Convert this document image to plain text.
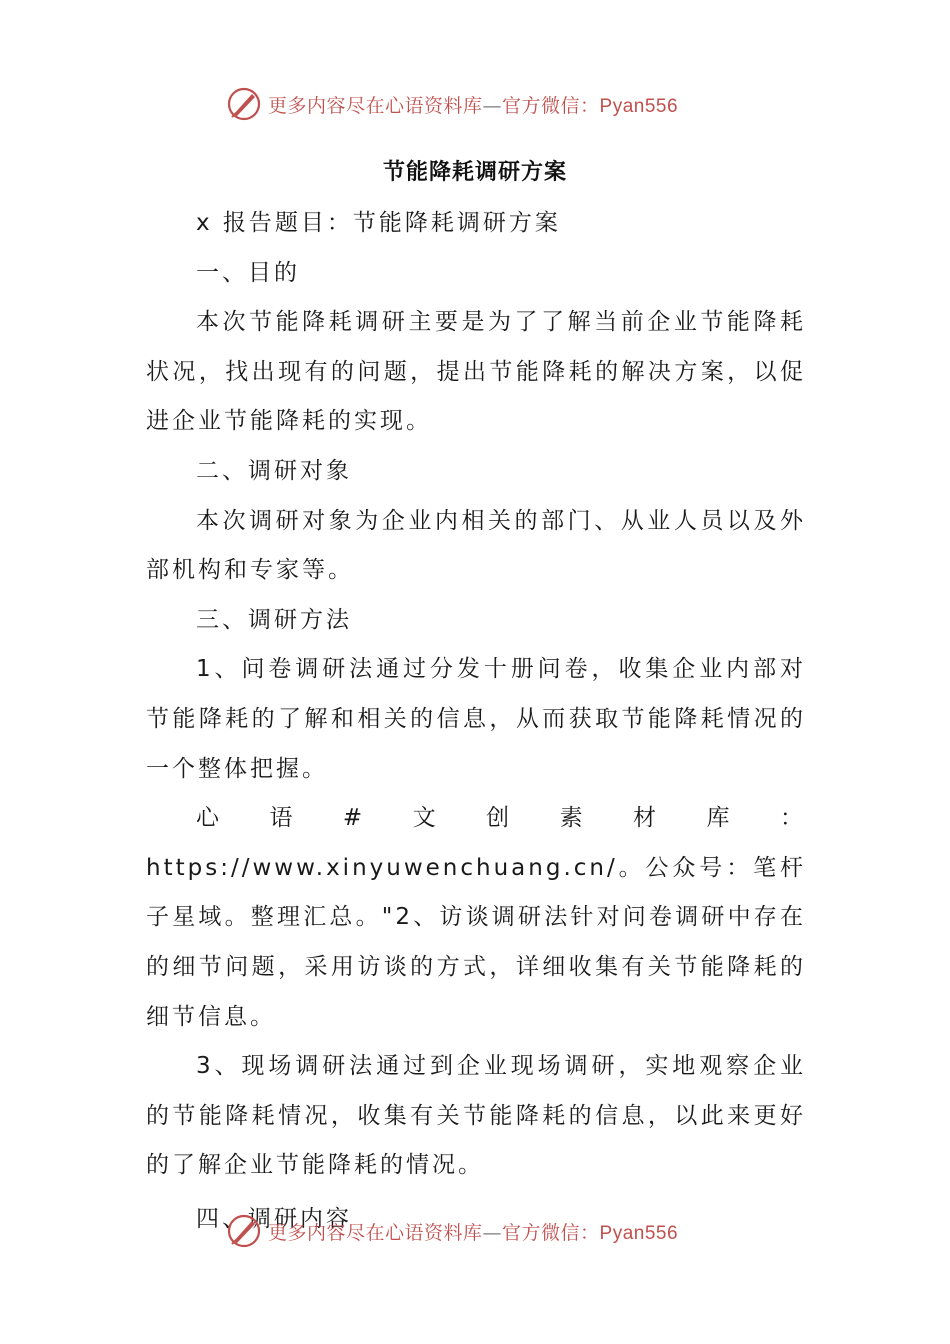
更多内容尽在心语资料库—官方微信：Pyan556
节能降耗调研方案

x 报告题目：节能降耗调研方案

一、目的

本次节能降耗调研主要是为了了解当前企业节能降耗状况，找出现有的问题，提出节能降耗的解决方案，以促进企业节能降耗的实现。

二、调研对象

本次调研对象为企业内相关的部门、从业人员以及外部机构和专家等。

三、调研方法

1、问卷调研法通过分发十册问卷，收集企业内部对节能降耗的了解和相关的信息，从而获取节能降耗情况的一个整体把握。

心语#文创素材库：https://www.xinyuwenchuang.cn/。公众号：笔杆子星域。整理汇总。"2、访谈调研法针对问卷调研中存在的细节问题，采用访谈的方式，详细收集有关节能降耗的细节信息。

3、现场调研法通过到企业现场调研，实地观察企业的节能降耗情况，收集有关节能降耗的信息，以此来更好的了解企业节能降耗的情况。

四、调研内容

更多内容尽在心语资料库—官方微信：Pyan556
